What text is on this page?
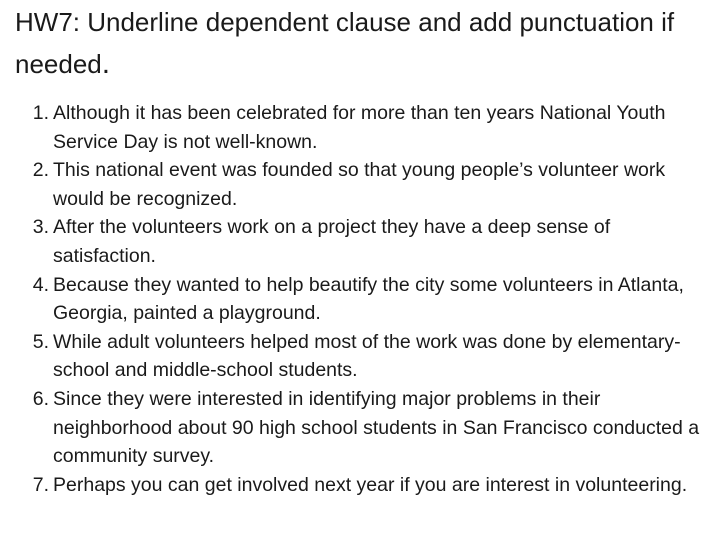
HW7: Underline dependent clause and add punctuation if needed.
1 . Although it has been celebrated for more than ten years National Youth Service Day is not well-known.
2 . This national event was founded so that young people’s volunteer work would be recognized.
3 . After the volunteers work on a project they have a deep sense of satisfaction.
4 . Because they wanted to help beautify the city some volunteers in Atlanta, Georgia, painted a playground.
5 . While adult volunteers helped most of the work was done by elementary-school and middle-school students.
6 . Since they were interested in identifying major problems in their neighborhood about 90 high school students in San Francisco conducted a community survey.
7 . Perhaps you can get involved next year if you are interest in volunteering.
